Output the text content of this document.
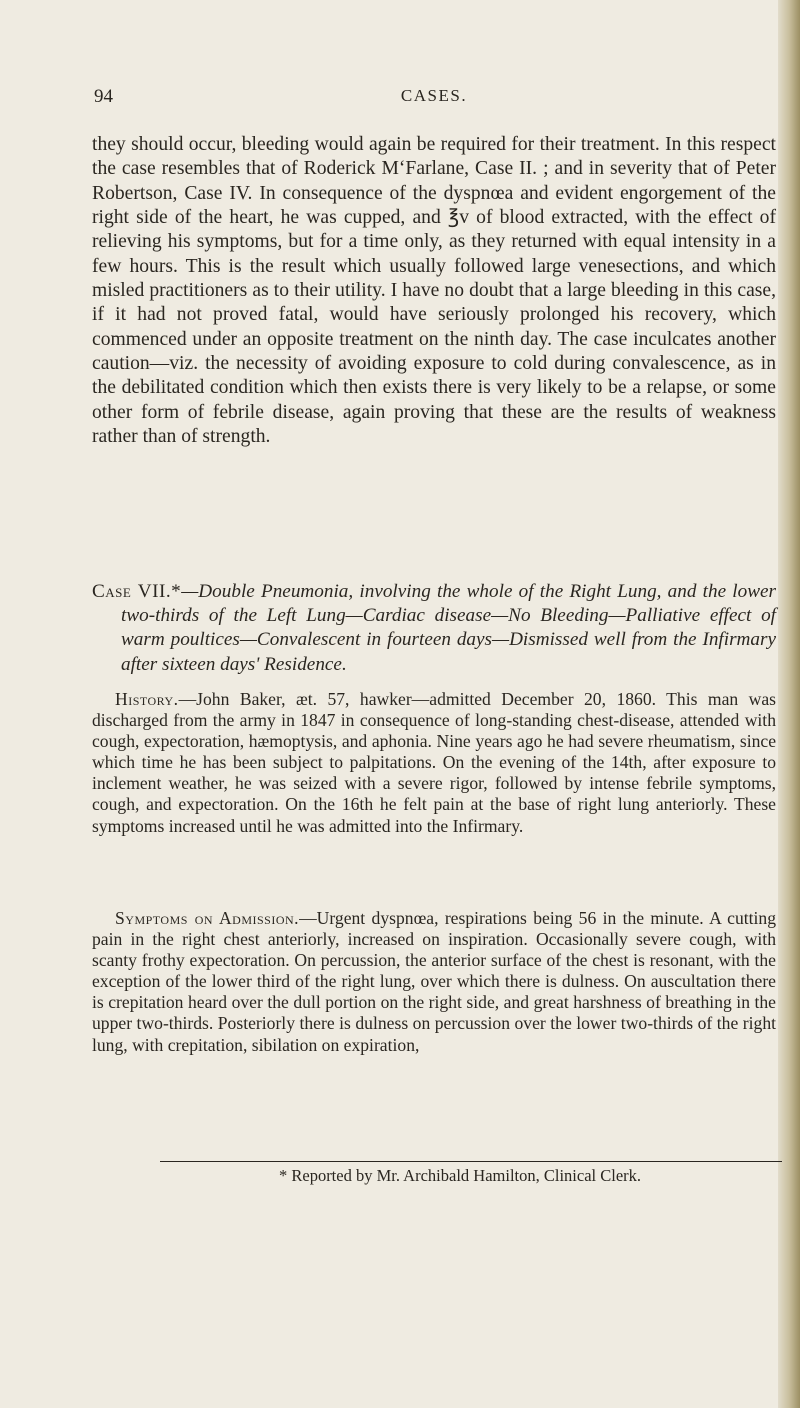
94	CASES.
they should occur, bleeding would again be required for their treatment. In this respect the case resembles that of Roderick M‘Farlane, Case II. ; and in severity that of Peter Robertson, Case IV. In consequence of the dyspnœa and evident engorgement of the right side of the heart, he was cupped, and ℥v of blood extracted, with the effect of relieving his symptoms, but for a time only, as they returned with equal intensity in a few hours. This is the result which usually followed large venesections, and which misled practitioners as to their utility. I have no doubt that a large bleeding in this case, if it had not proved fatal, would have seriously prolonged his recovery, which commenced under an opposite treatment on the ninth day. The case inculcates another caution—viz. the necessity of avoiding exposure to cold during convalescence, as in the debilitated condition which then exists there is very likely to be a relapse, or some other form of febrile disease, again proving that these are the results of weakness rather than of strength.
Case VII.*—Double Pneumonia, involving the whole of the Right Lung, and the lower two-thirds of the Left Lung—Cardiac disease—No Bleeding—Palliative effect of warm poultices—Convalescent in fourteen days—Dismissed well from the Infirmary after sixteen days' Residence.

History.—John Baker, æt. 57, hawker—admitted December 20, 1860. This man was discharged from the army in 1847 in consequence of long-standing chest-disease, attended with cough, expectoration, hæmoptysis, and aphonia. Nine years ago he had severe rheumatism, since which time he has been subject to palpitations. On the evening of the 14th, after exposure to inclement weather, he was seized with a severe rigor, followed by intense febrile symptoms, cough, and expectoration. On the 16th he felt pain at the base of right lung anteriorly. These symptoms increased until he was admitted into the Infirmary.

Symptoms on Admission.—Urgent dyspnœa, respirations being 56 in the minute. A cutting pain in the right chest anteriorly, increased on inspiration. Occasionally severe cough, with scanty frothy expectoration. On percussion, the anterior surface of the chest is resonant, with the exception of the lower third of the right lung, over which there is dulness. On auscultation there is crepitation heard over the dull portion on the right side, and great harshness of breathing in the upper two-thirds. Posteriorly there is dulness on percussion over the lower two-thirds of the right lung, with crepitation, sibilation on expiration,

* Reported by Mr. Archibald Hamilton, Clinical Clerk.
